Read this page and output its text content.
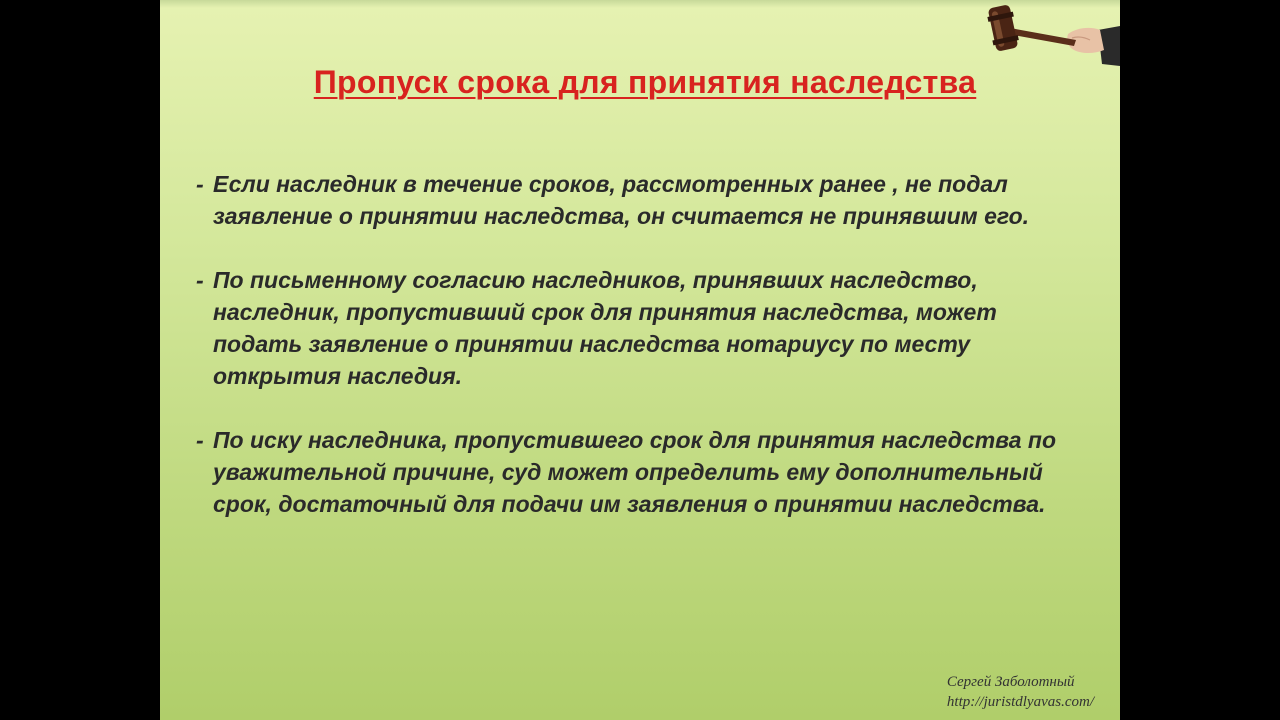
Пропуск срока для принятия наследства
- Если наследник в течение сроков, рассмотренных ранее , не подал заявление о принятии наследства, он считается не принявшим его.
- По письменному согласию наследников, принявших наследство, наследник, пропустивший срок для принятия наследства, может подать заявление о принятии наследства нотариусу по месту открытия наследия.
- По иску наследника, пропустившего срок для принятия наследства по уважительной причине, суд может определить ему дополнительный срок, достаточный для подачи им заявления о принятии наследства.
Сергей Заболотный
http://juristdlyavas.com/
